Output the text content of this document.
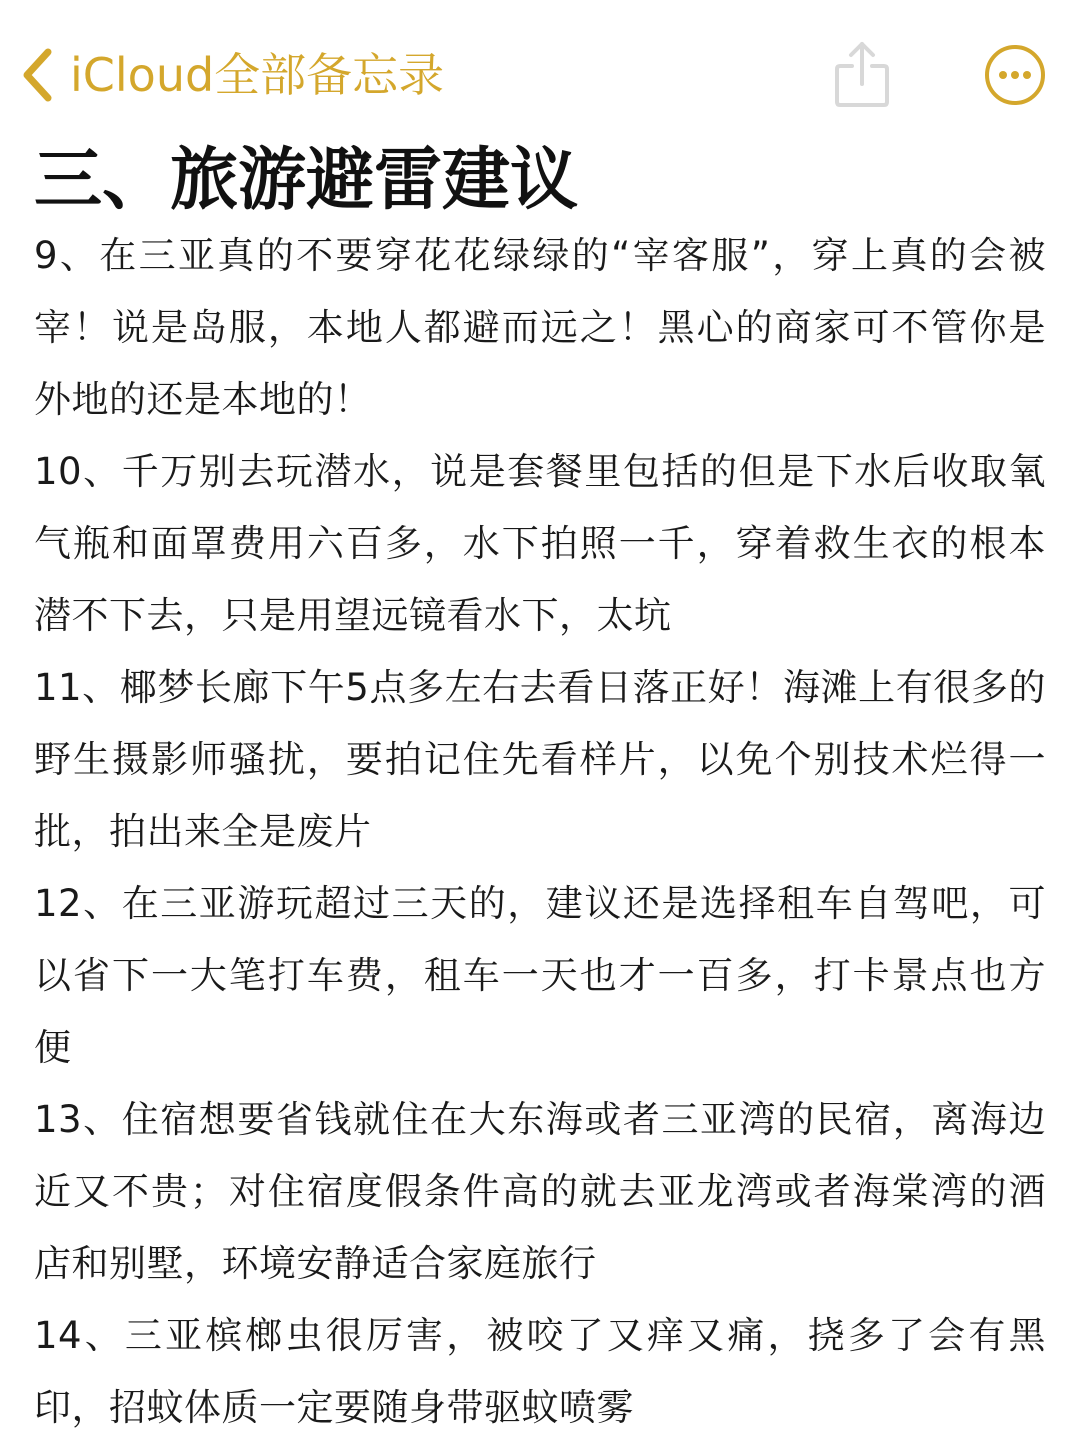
iCloud全部备忘录
三、旅游避雷建议

9、在三亚真的不要穿花花绿绿的“宰客服”，穿上真的会被宰！说是岛服，本地人都避而远之！黑心的商家可不管你是外地的还是本地的！

10、千万别去玩潜水，说是套餐里包括的但是下水后收取氧气瓶和面罩费用六百多，水下拍照一千，穿着救生衣的根本潜不下去，只是用望远镜看水下，太坑

11、椰梦长廊下午5点多左右去看日落正好！海滩上有很多的野生摄影师骚扰，要拍记住先看样片，以免个别技术烂得一批，拍出来全是废片

12、在三亚游玩超过三天的，建议还是选择租车自驾吧，可以省下一大笔打车费，租车一天也才一百多，打卡景点也方便

13、住宿想要省钱就住在大东海或者三亚湾的民宿，离海边近又不贵；对住宿度假条件高的就去亚龙湾或者海棠湾的酒店和别墅，环境安静适合家庭旅行

14、三亚槟榔虫很厉害，被咬了又痒又痛，挠多了会有黑印，招蚊体质一定要随身带驱蚊喷雾
